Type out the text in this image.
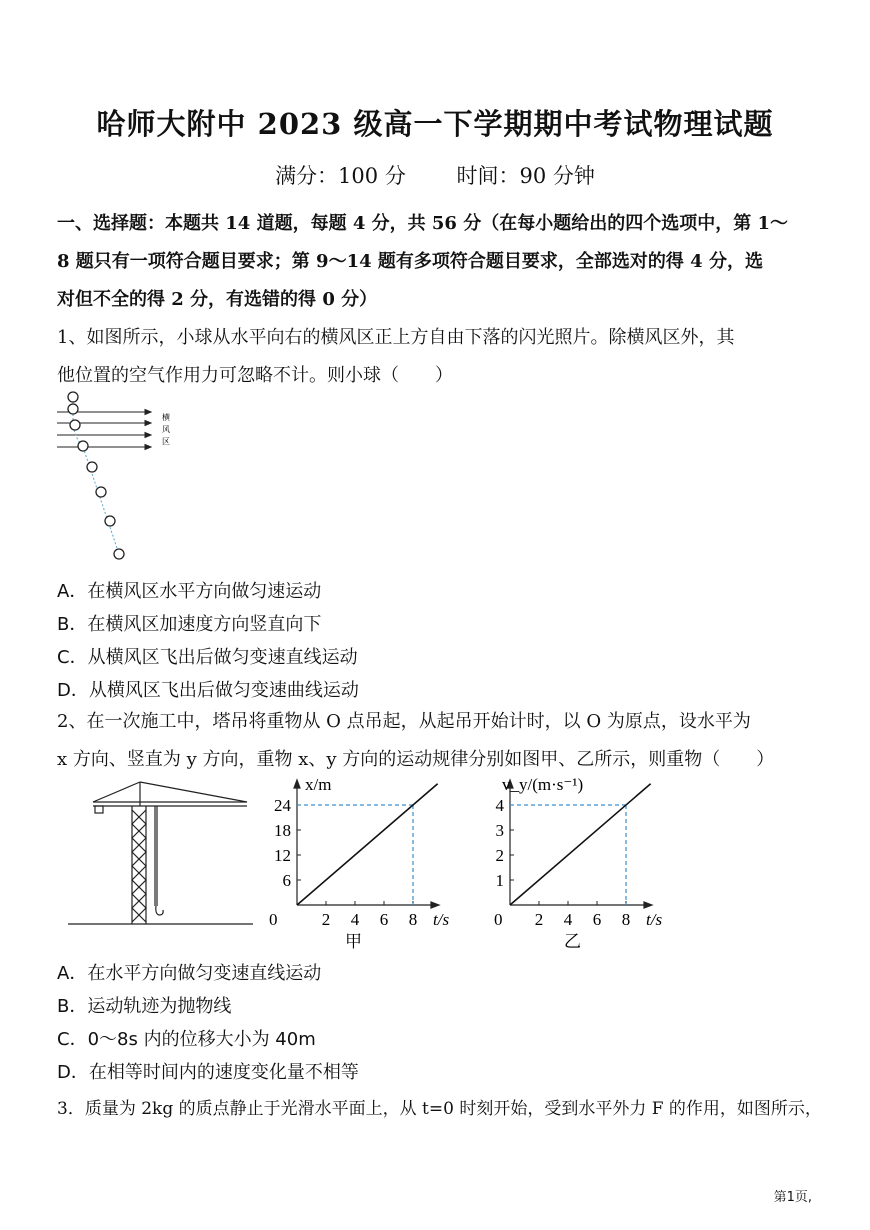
哈师大附中 2023 级高一下学期期中考试物理试题
满分：100 分 时间：90 分钟
一、选择题：本题共 14 道题，每题 4 分，共 56 分（在每小题给出的四个选项中，第 1～
8 题只有一项符合题目要求；第 9～14 题有多项符合题目要求，全部选对的得 4 分，选
对但不全的得 2 分，有选错的得 0 分）
1、如图所示，小球从水平向右的横风区正上方自由下落的闪光照片。除横风区外，其
他位置的空气作用力可忽略不计。则小球（　　）
横
风
区
A．在横风区水平方向做匀速运动
B．在横风区加速度方向竖直向下
C．从横风区飞出后做匀变速直线运动
D．从横风区飞出后做匀变速曲线运动
2、在一次施工中，塔吊将重物从 O 点吊起，从起吊开始计时，以 O 为原点，设水平为
x 方向、竖直为 y 方向，重物 x、y 方向的运动规律分别如图甲、乙所示，则重物（　　）
x/m
t/s
0	2 4 6 8
6
12
18
24
甲
v_y/(m·s⁻¹)
t/s
0 2 4 6 8
1
2
3
4
乙
A．在水平方向做匀变速直线运动
B．运动轨迹为抛物线
C．0～8s 内的位移大小为 40m
D．在相等时间内的速度变化量不相等
3．质量为 2kg 的质点静止于光滑水平面上，从 t=0 时刻开始，受到水平外力 F 的作用，如图所示，
第1页,
